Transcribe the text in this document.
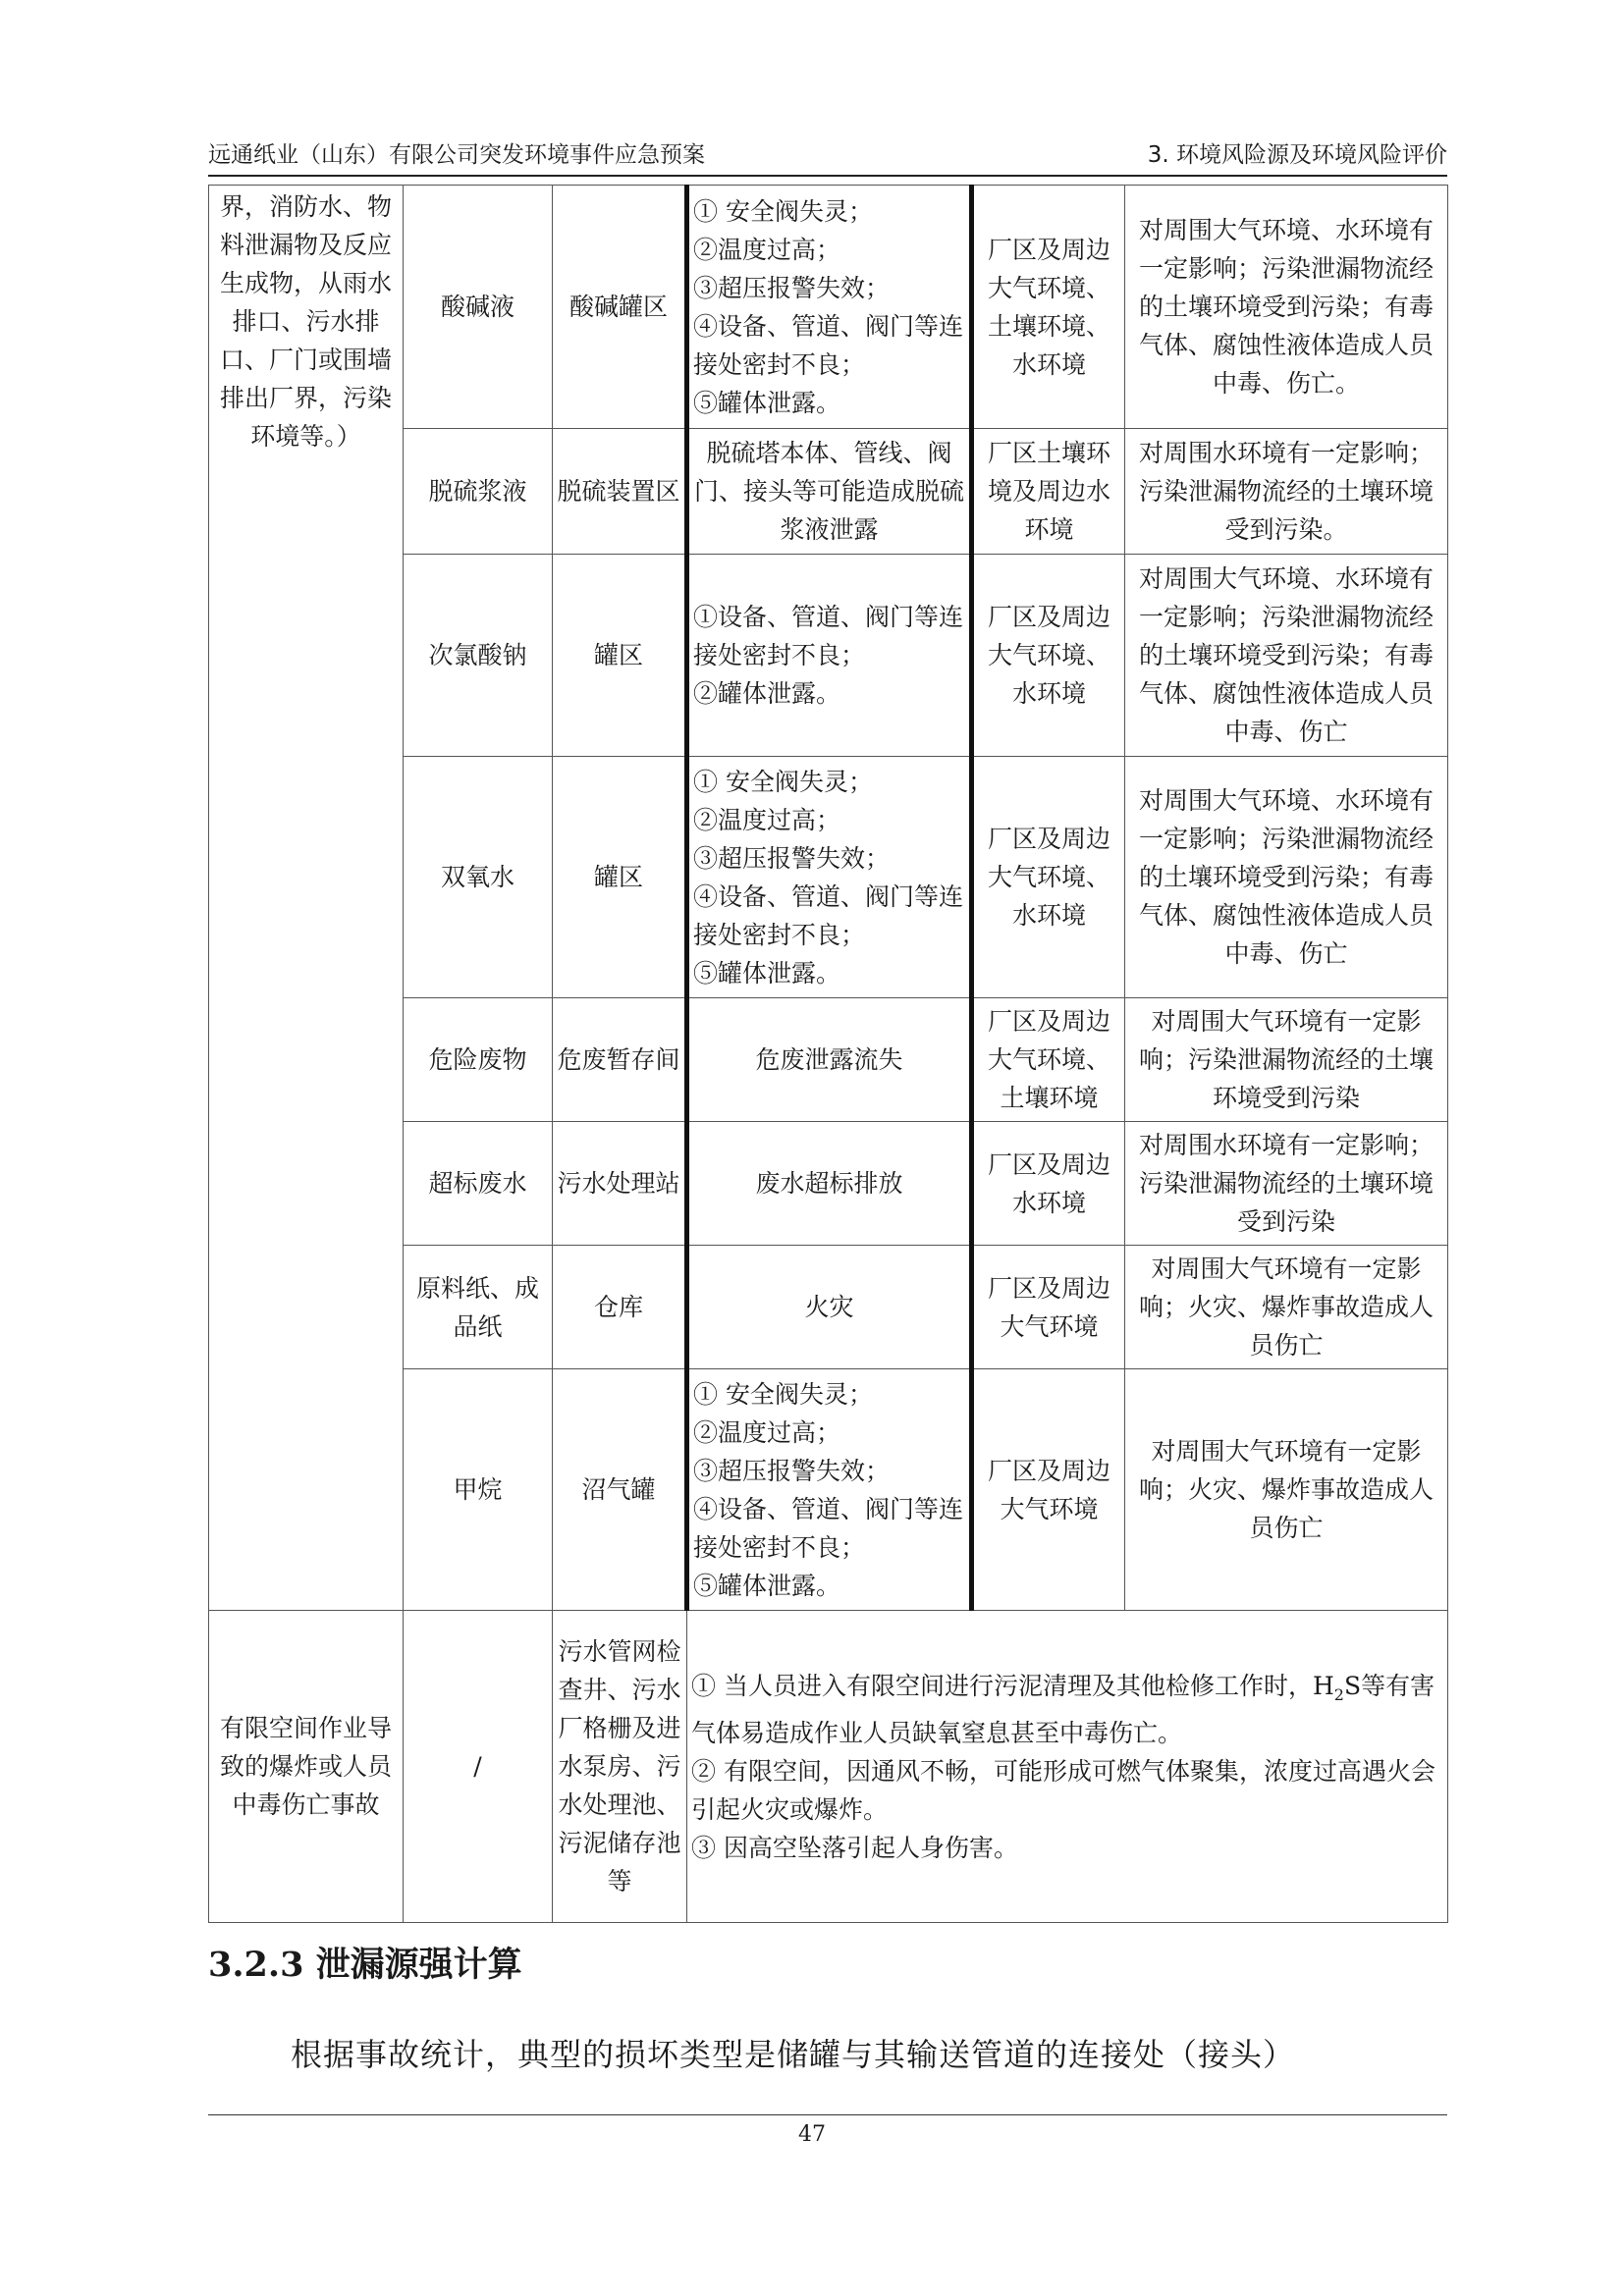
远通纸业（山东）有限公司突发环境事件应急预案	3. 环境风险源及环境风险评价
界，消防水、物料泄漏物及反应生成物，从雨水排口、污水排口、厂门或围墙排出厂界，污染环境等。）	酸碱液	酸碱罐区	① 安全阀失灵；
②温度过高；
③超压报警失效；
④设备、管道、阀门等连接处密封不良；
⑤罐体泄露。	厂区及周边大气环境、土壤环境、水环境	对周围大气环境、水环境有一定影响；污染泄漏物流经的土壤环境受到污染；有毒气体、腐蚀性液体造成人员中毒、伤亡。
	脱硫浆液	脱硫装置区	脱硫塔本体、管线、阀门、接头等可能造成脱硫浆液泄露	厂区土壤环境及周边水环境	对周围水环境有一定影响；污染泄漏物流经的土壤环境受到污染。
	次氯酸钠	罐区	①设备、管道、阀门等连接处密封不良；
②罐体泄露。	厂区及周边大气环境、水环境	对周围大气环境、水环境有一定影响；污染泄漏物流经的土壤环境受到污染；有毒气体、腐蚀性液体造成人员中毒、伤亡
	双氧水	罐区	① 安全阀失灵；
②温度过高；
③超压报警失效；
④设备、管道、阀门等连接处密封不良；
⑤罐体泄露。	厂区及周边大气环境、水环境	对周围大气环境、水环境有一定影响；污染泄漏物流经的土壤环境受到污染；有毒气体、腐蚀性液体造成人员中毒、伤亡
	危险废物	危废暂存间	危废泄露流失	厂区及周边大气环境、土壤环境	对周围大气环境有一定影响；污染泄漏物流经的土壤环境受到污染
	超标废水	污水处理站	废水超标排放	厂区及周边水环境	对周围水环境有一定影响；污染泄漏物流经的土壤环境受到污染
	原料纸、成品纸	仓库	火灾	厂区及周边大气环境	对周围大气环境有一定影响；火灾、爆炸事故造成人员伤亡
	甲烷	沼气罐	① 安全阀失灵；
②温度过高；
③超压报警失效；
④设备、管道、阀门等连接处密封不良；
⑤罐体泄露。	厂区及周边大气环境	对周围大气环境有一定影响；火灾、爆炸事故造成人员伤亡
有限空间作业导致的爆炸或人员中毒伤亡事故	/	污水管网检查井、污水厂格栅及进水泵房、污水处理池、污泥储存池等	① 当人员进入有限空间进行污泥清理及其他检修工作时，$H_2S$等有害气体易造成作业人员缺氧窒息甚至中毒伤亡。
② 有限空间，因通风不畅，可能形成可燃气体聚集，浓度过高遇火会引起火灾或爆炸。
③ 因高空坠落引起人身伤害。		
3.2.3 泄漏源强计算
根据事故统计，典型的损坏类型是储罐与其输送管道的连接处（接头）
47
